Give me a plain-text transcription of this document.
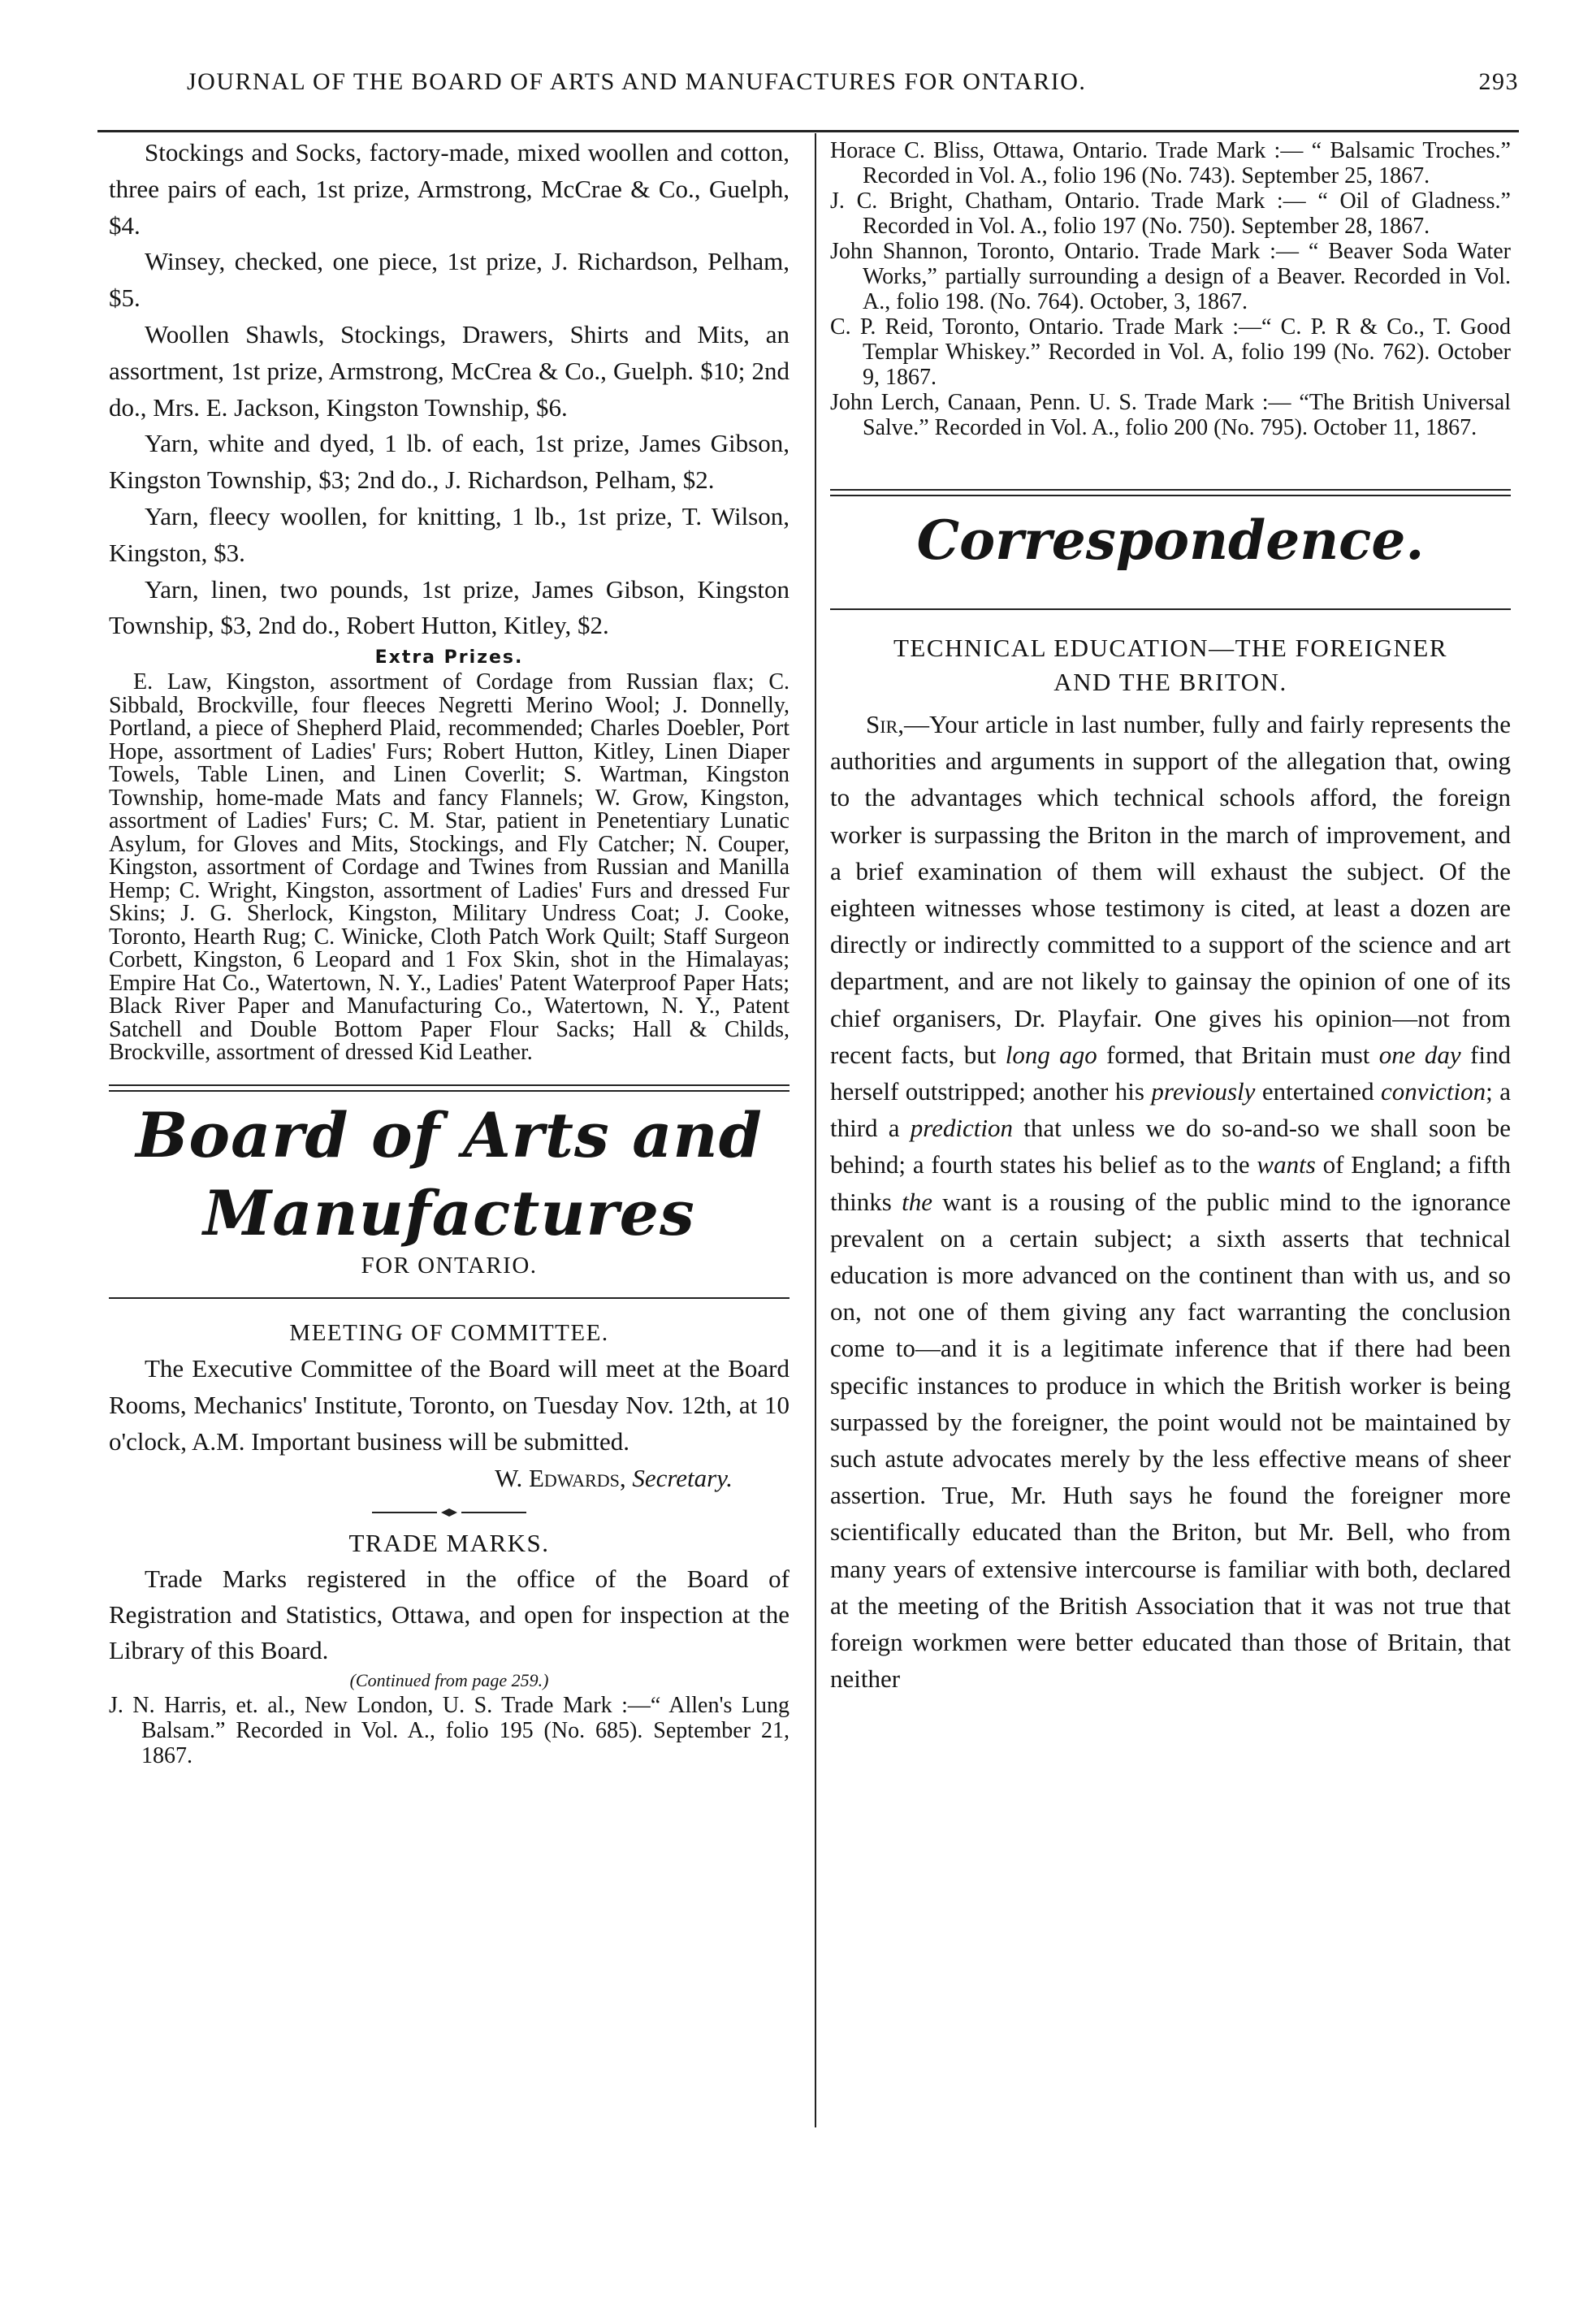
JOURNAL OF THE BOARD OF ARTS AND MANUFACTURES FOR ONTARIO.	293

Stockings and Socks, factory-made, mixed woollen and cotton, three pairs of each, 1st prize, Armstrong, McCrae & Co., Guelph, $4.

Winsey, checked, one piece, 1st prize, J. Richardson, Pelham, $5.

Woollen Shawls, Stockings, Drawers, Shirts and Mits, an assortment, 1st prize, Armstrong, McCrea & Co., Guelph. $10; 2nd do., Mrs. E. Jackson, Kingston Township, $6.

Yarn, white and dyed, 1 lb. of each, 1st prize, James Gibson, Kingston Township, $3; 2nd do., J. Richardson, Pelham, $2.

Yarn, fleecy woollen, for knitting, 1 lb., 1st prize, T. Wilson, Kingston, $3.

Yarn, linen, two pounds, 1st prize, James Gibson, Kingston Township, $3, 2nd do., Robert Hutton, Kitley, $2.

Extra Prizes.

E. Law, Kingston, assortment of Cordage from Russian flax; C. Sibbald, Brockville, four fleeces Negretti Merino Wool; J. Donnelly, Portland, a piece of Shepherd Plaid, recommended; Charles Doebler, Port Hope, assortment of Ladies' Furs; Robert Hutton, Kitley, Linen Diaper Towels, Table Linen, and Linen Coverlit; S. Wartman, Kingston Township, home-made Mats and fancy Flannels; W. Grow, Kingston, assortment of Ladies' Furs; C. M. Star, patient in Penetentiary Lunatic Asylum, for Gloves and Mits, Stockings, and Fly Catcher; N. Couper, Kingston, assortment of Cordage and Twines from Russian and Manilla Hemp; C. Wright, Kingston, assortment of Ladies' Furs and dressed Fur Skins; J. G. Sherlock, Kingston, Military Undress Coat; J. Cooke, Toronto, Hearth Rug; C. Winicke, Cloth Patch Work Quilt; Staff Surgeon Corbett, Kingston, 6 Leopard and 1 Fox Skin, shot in the Himalayas; Empire Hat Co., Watertown, N. Y., Ladies' Patent Waterproof Paper Hats; Black River Paper and Manufacturing Co., Watertown, N. Y., Patent Satchell and Double Bottom Paper Flour Sacks; Hall & Childs, Brockville, assortment of dressed Kid Leather.

Board of Arts and Manufactures
FOR ONTARIO.
MEETING OF COMMITTEE.

The Executive Committee of the Board will meet at the Board Rooms, Mechanics' Institute, Toronto, on Tuesday Nov. 12th, at 10 o'clock, A.M. Important business will be submitted.

W. Edwards, Secretary.
TRADE MARKS.

Trade Marks registered in the office of the Board of Registration and Statistics, Ottawa, and open for inspection at the Library of this Board.

(Continued from page 259.)

J. N. Harris, et. al., New London, U. S. Trade Mark :—“ Allen's Lung Balsam.” Recorded in Vol. A., folio 195 (No. 685). September 21, 1867.

Horace C. Bliss, Ottawa, Ontario. Trade Mark :— “ Balsamic Troches.” Recorded in Vol. A., folio 196 (No. 743). September 25, 1867.

J. C. Bright, Chatham, Ontario. Trade Mark :— “ Oil of Gladness.” Recorded in Vol. A., folio 197 (No. 750). September 28, 1867.

John Shannon, Toronto, Ontario. Trade Mark :— “ Beaver Soda Water Works,” partially surrounding a design of a Beaver. Recorded in Vol. A., folio 198. (No. 764). October, 3, 1867.

C. P. Reid, Toronto, Ontario. Trade Mark :—“ C. P. R & Co., T. Good Templar Whiskey.” Recorded in Vol. A, folio 199 (No. 762). October 9, 1867.

John Lerch, Canaan, Penn. U. S. Trade Mark :— “The British Universal Salve.” Recorded in Vol. A., folio 200 (No. 795). October 11, 1867.

Correspondence.
TECHNICAL EDUCATION—THE FOREIGNER
AND THE BRITON.

Sir,—Your article in last number, fully and fairly represents the authorities and arguments in support of the allegation that, owing to the advantages which technical schools afford, the foreign worker is surpassing the Briton in the march of improvement, and a brief examination of them will exhaust the subject. Of the eighteen witnesses whose testimony is cited, at least a dozen are directly or indirectly committed to a support of the science and art department, and are not likely to gainsay the opinion of one of its chief organisers, Dr. Playfair. One gives his opinion—not from recent facts, but long ago formed, that Britain must one day find herself outstripped; another his previously entertained conviction; a third a prediction that unless we do so-and-so we shall soon be behind; a fourth states his belief as to the wants of England; a fifth thinks the want is a rousing of the public mind to the ignorance prevalent on a certain subject; a sixth asserts that technical education is more advanced on the continent than with us, and so on, not one of them giving any fact warranting the conclusion come to—and it is a legitimate inference that if there had been specific instances to produce in which the British worker is being surpassed by the foreigner, the point would not be maintained by such astute advocates merely by the less effective means of sheer assertion. True, Mr. Huth says he found the foreigner more scientifically educated than the Briton, but Mr. Bell, who from many years of extensive intercourse is familiar with both, declared at the meeting of the British Association that it was not true that foreign workmen were better educated than those of Britain, that neither
